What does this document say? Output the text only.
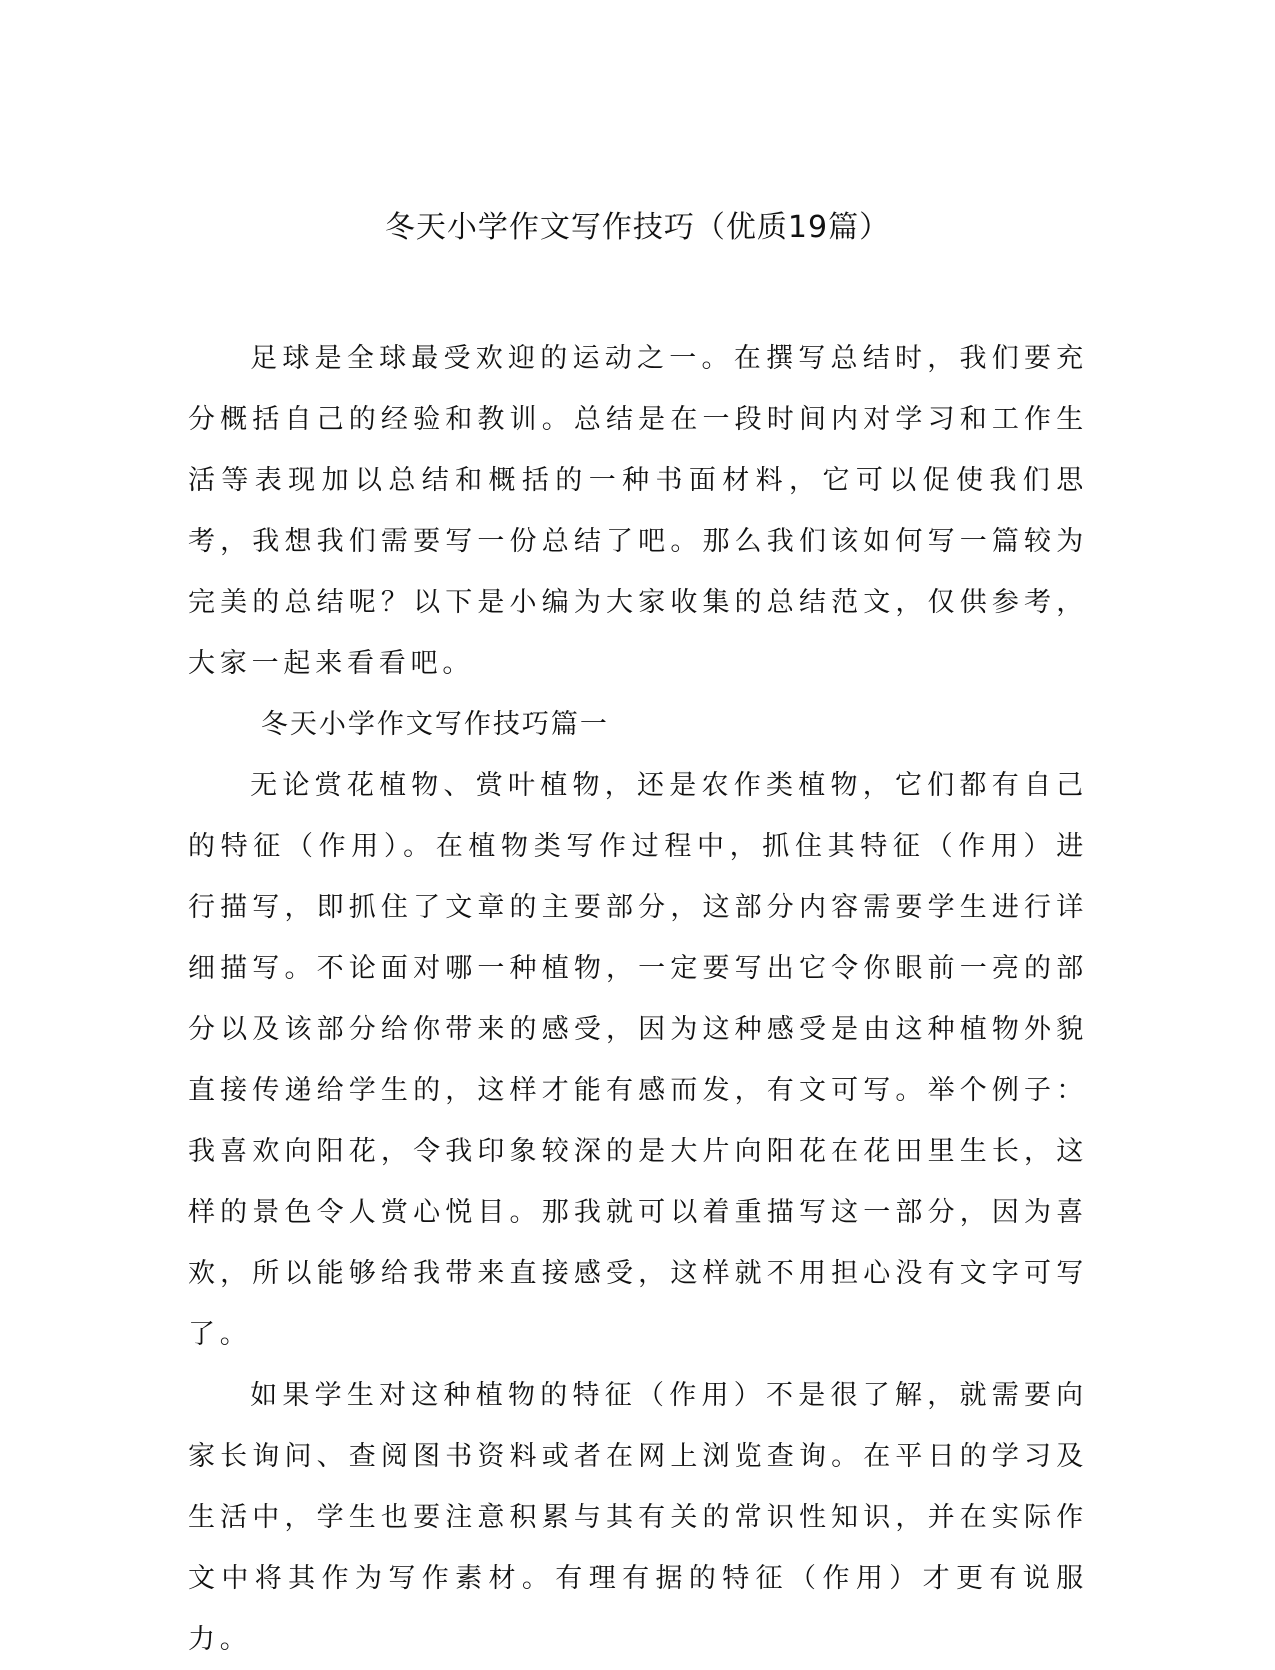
冬天小学作文写作技巧（优质19篇）

足球是全球最受欢迎的运动之一。在撰写总结时，我们要充分概括自己的经验和教训。总结是在一段时间内对学习和工作生活等表现加以总结和概括的一种书面材料，它可以促使我们思考，我想我们需要写一份总结了吧。那么我们该如何写一篇较为完美的总结呢？以下是小编为大家收集的总结范文，仅供参考，大家一起来看看吧。

冬天小学作文写作技巧篇一

无论赏花植物、赏叶植物，还是农作类植物，它们都有自己的特征（作用）。在植物类写作过程中，抓住其特征（作用）进行描写，即抓住了文章的主要部分，这部分内容需要学生进行详细描写。不论面对哪一种植物，一定要写出它令你眼前一亮的部分以及该部分给你带来的感受，因为这种感受是由这种植物外貌直接传递给学生的，这样才能有感而发，有文可写。举个例子：我喜欢向阳花，令我印象较深的是大片向阳花在花田里生长，这样的景色令人赏心悦目。那我就可以着重描写这一部分，因为喜欢，所以能够给我带来直接感受，这样就不用担心没有文字可写了。

如果学生对这种植物的特征（作用）不是很了解，就需要向家长询问、查阅图书资料或者在网上浏览查询。在平日的学习及生活中，学生也要注意积累与其有关的常识性知识，并在实际作文中将其作为写作素材。有理有据的特征（作用）才更有说服力。
